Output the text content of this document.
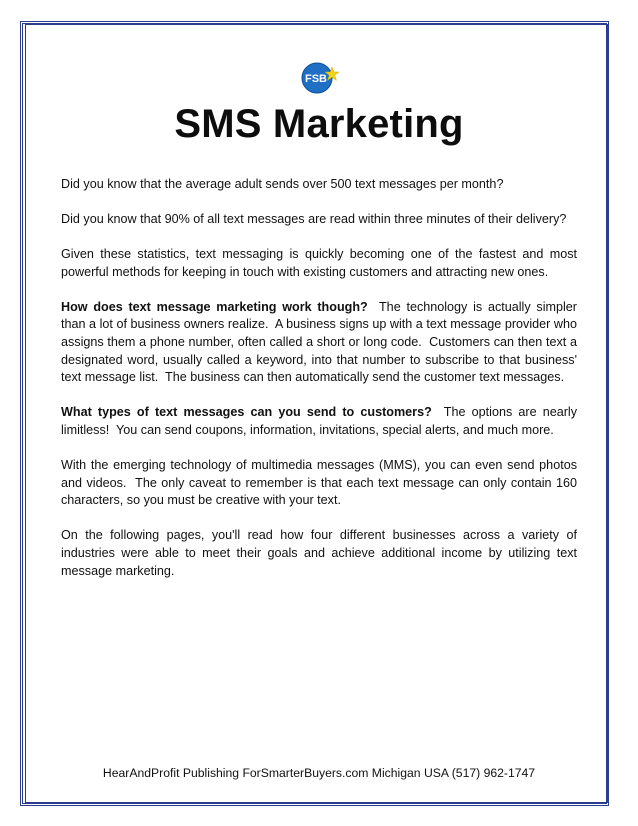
FSB
SMS Marketing

Did you know that the average adult sends over 500 text messages per month?

Did you know that 90% of all text messages are read within three minutes of their delivery?

Given these statistics, text messaging is quickly becoming one of the fastest and most powerful methods for keeping in touch with existing customers and attracting new ones.

How does text message marketing work though?  The technology is actually simpler than a lot of business owners realize.  A business signs up with a text message provider who assigns them a phone number, often called a short or long code.  Customers can then text a designated word, usually called a keyword, into that number to subscribe to that business' text message list.  The business can then automatically send the customer text messages.

What types of text messages can you send to customers?  The options are nearly limitless!  You can send coupons, information, invitations, special alerts, and much more.

With the emerging technology of multimedia messages (MMS), you can even send photos and videos.  The only caveat to remember is that each text message can only contain 160 characters, so you must be creative with your text.

On the following pages, you'll read how four different businesses across a variety of industries were able to meet their goals and achieve additional income by utilizing text message marketing.

HearAndProfit Publishing ForSmarterBuyers.com Michigan USA (517) 962-1747
